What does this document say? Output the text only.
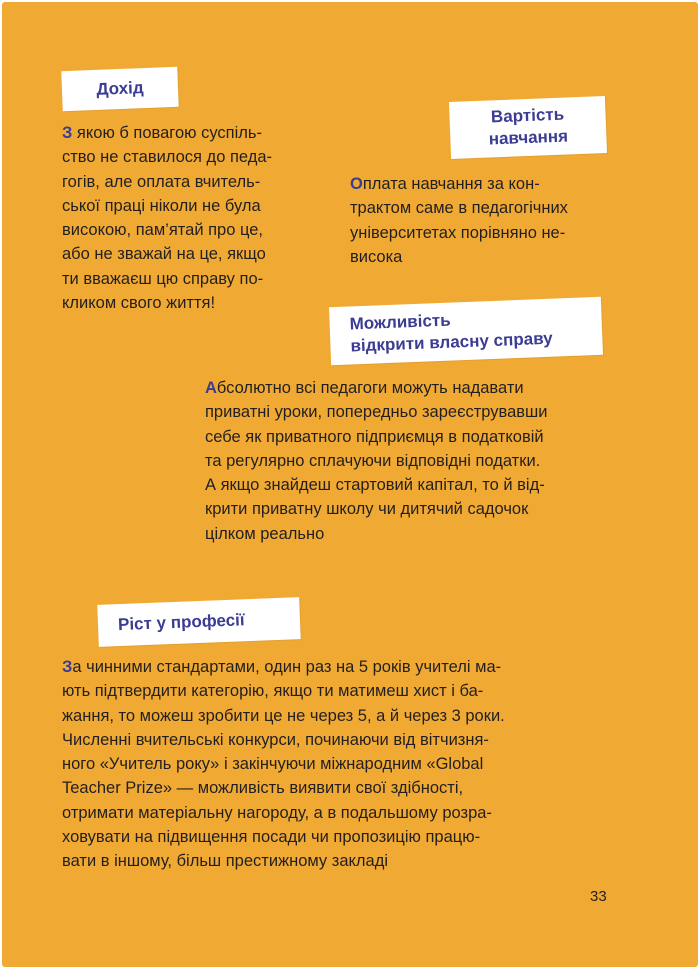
Дохід
З якою б повагою суспіль-
ство не ставилося до педа-
гогів, але оплата вчитель-
ської праці ніколи не була
високою, пам’ятай про це,
або не зважай на це, якщо
ти вважаєш цю справу по-
кликом свого життя!
Вартість
навчання
Оплата навчання за кон-
трактом саме в педагогічних
університетах порівняно не-
висока
Можливість
відкрити власну справу
Абсолютно всі педагоги можуть надавати
приватні уроки, попередньо зареєструвавши
себе як приватного підприємця в податковій
та регулярно сплачуючи відповідні податки.
А якщо знайдеш стартовий капітал, то й від-
крити приватну школу чи дитячий садочок
цілком реально
Ріст у професії
За чинними стандартами, один раз на 5 років учителі ма-
ють підтвердити категорію, якщо ти матимеш хист і ба-
жання, то можеш зробити це не через 5, а й через 3 роки.
Численні вчительські конкурси, починаючи від вітчизня-
ного «Учитель року» і закінчуючи міжнародним «Global
Teacher Prize» — можливість виявити свої здібності,
отримати матеріальну нагороду, а в подальшому розра-
ховувати на підвищення посади чи пропозицію працю-
вати в іншому, більш престижному закладі
33
